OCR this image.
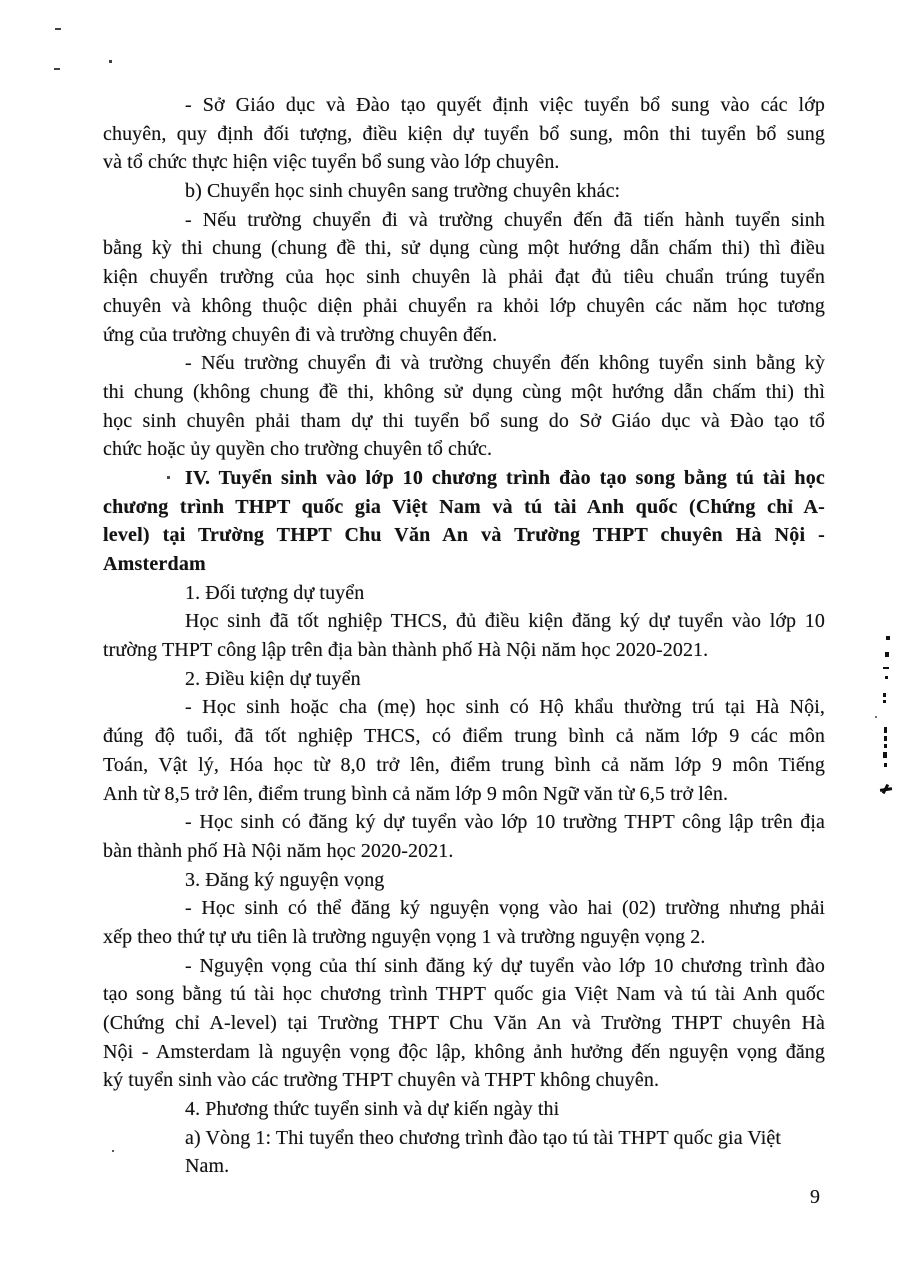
- Sở Giáo dục và Đào tạo quyết định việc tuyển bổ sung vào các lớp
chuyên, quy định đối tượng, điều kiện dự tuyển bổ sung, môn thi tuyển bổ sung
và tổ chức thực hiện việc tuyển bổ sung vào lớp chuyên.
b) Chuyển học sinh chuyên sang trường chuyên khác:
- Nếu trường chuyển đi và trường chuyển đến đã tiến hành tuyển sinh
bằng kỳ thi chung (chung đề thi, sử dụng cùng một hướng dẫn chấm thi) thì điều
kiện chuyển trường của học sinh chuyên là phải đạt đủ tiêu chuẩn trúng tuyển
chuyên và không thuộc diện phải chuyển ra khỏi lớp chuyên các năm học tương
ứng của trường chuyên đi và trường chuyên đến.
- Nếu trường chuyển đi và trường chuyển đến không tuyển sinh bằng kỳ
thi chung (không chung đề thi, không sử dụng cùng một hướng dẫn chấm thi) thì
học sinh chuyên phải tham dự thi tuyển bổ sung do Sở Giáo dục và Đào tạo tổ
chức hoặc ủy quyền cho trường chuyên tổ chức.
IV. Tuyển sinh vào lớp 10 chương trình đào tạo song bằng tú tài học
chương trình THPT quốc gia Việt Nam và tú tài Anh quốc (Chứng chỉ A-
level) tại Trường THPT Chu Văn An và Trường THPT chuyên Hà Nội -
Amsterdam
1. Đối tượng dự tuyển
Học sinh đã tốt nghiệp THCS, đủ điều kiện đăng ký dự tuyển vào lớp 10
trường THPT công lập trên địa bàn thành phố Hà Nội năm học 2020-2021.
2. Điều kiện dự tuyển
- Học sinh hoặc cha (mẹ) học sinh có Hộ khẩu thường trú tại Hà Nội,
đúng độ tuổi, đã tốt nghiệp THCS, có điểm trung bình cả năm lớp 9 các môn
Toán, Vật lý, Hóa học từ 8,0 trở lên, điểm trung bình cả năm lớp 9 môn Tiếng
Anh từ 8,5 trở lên, điểm trung bình cả năm lớp 9 môn Ngữ văn từ 6,5 trở lên.
- Học sinh có đăng ký dự tuyển vào lớp 10 trường THPT công lập trên địa
bàn thành phố Hà Nội năm học 2020-2021.
3. Đăng ký nguyện vọng
- Học sinh có thể đăng ký nguyện vọng vào hai (02) trường nhưng phải
xếp theo thứ tự ưu tiên là trường nguyện vọng 1 và trường nguyện vọng 2.
- Nguyện vọng của thí sinh đăng ký dự tuyển vào lớp 10 chương trình đào
tạo song bằng tú tài học chương trình THPT quốc gia Việt Nam và tú tài Anh quốc
(Chứng chỉ A-level) tại Trường THPT Chu Văn An và Trường THPT chuyên Hà
Nội - Amsterdam là nguyện vọng độc lập, không ảnh hưởng đến nguyện vọng đăng
ký tuyển sinh vào các trường THPT chuyên và THPT không chuyên.
4. Phương thức tuyển sinh và dự kiến ngày thi
a) Vòng 1: Thi tuyển theo chương trình đào tạo tú tài THPT quốc gia Việt Nam.
9
